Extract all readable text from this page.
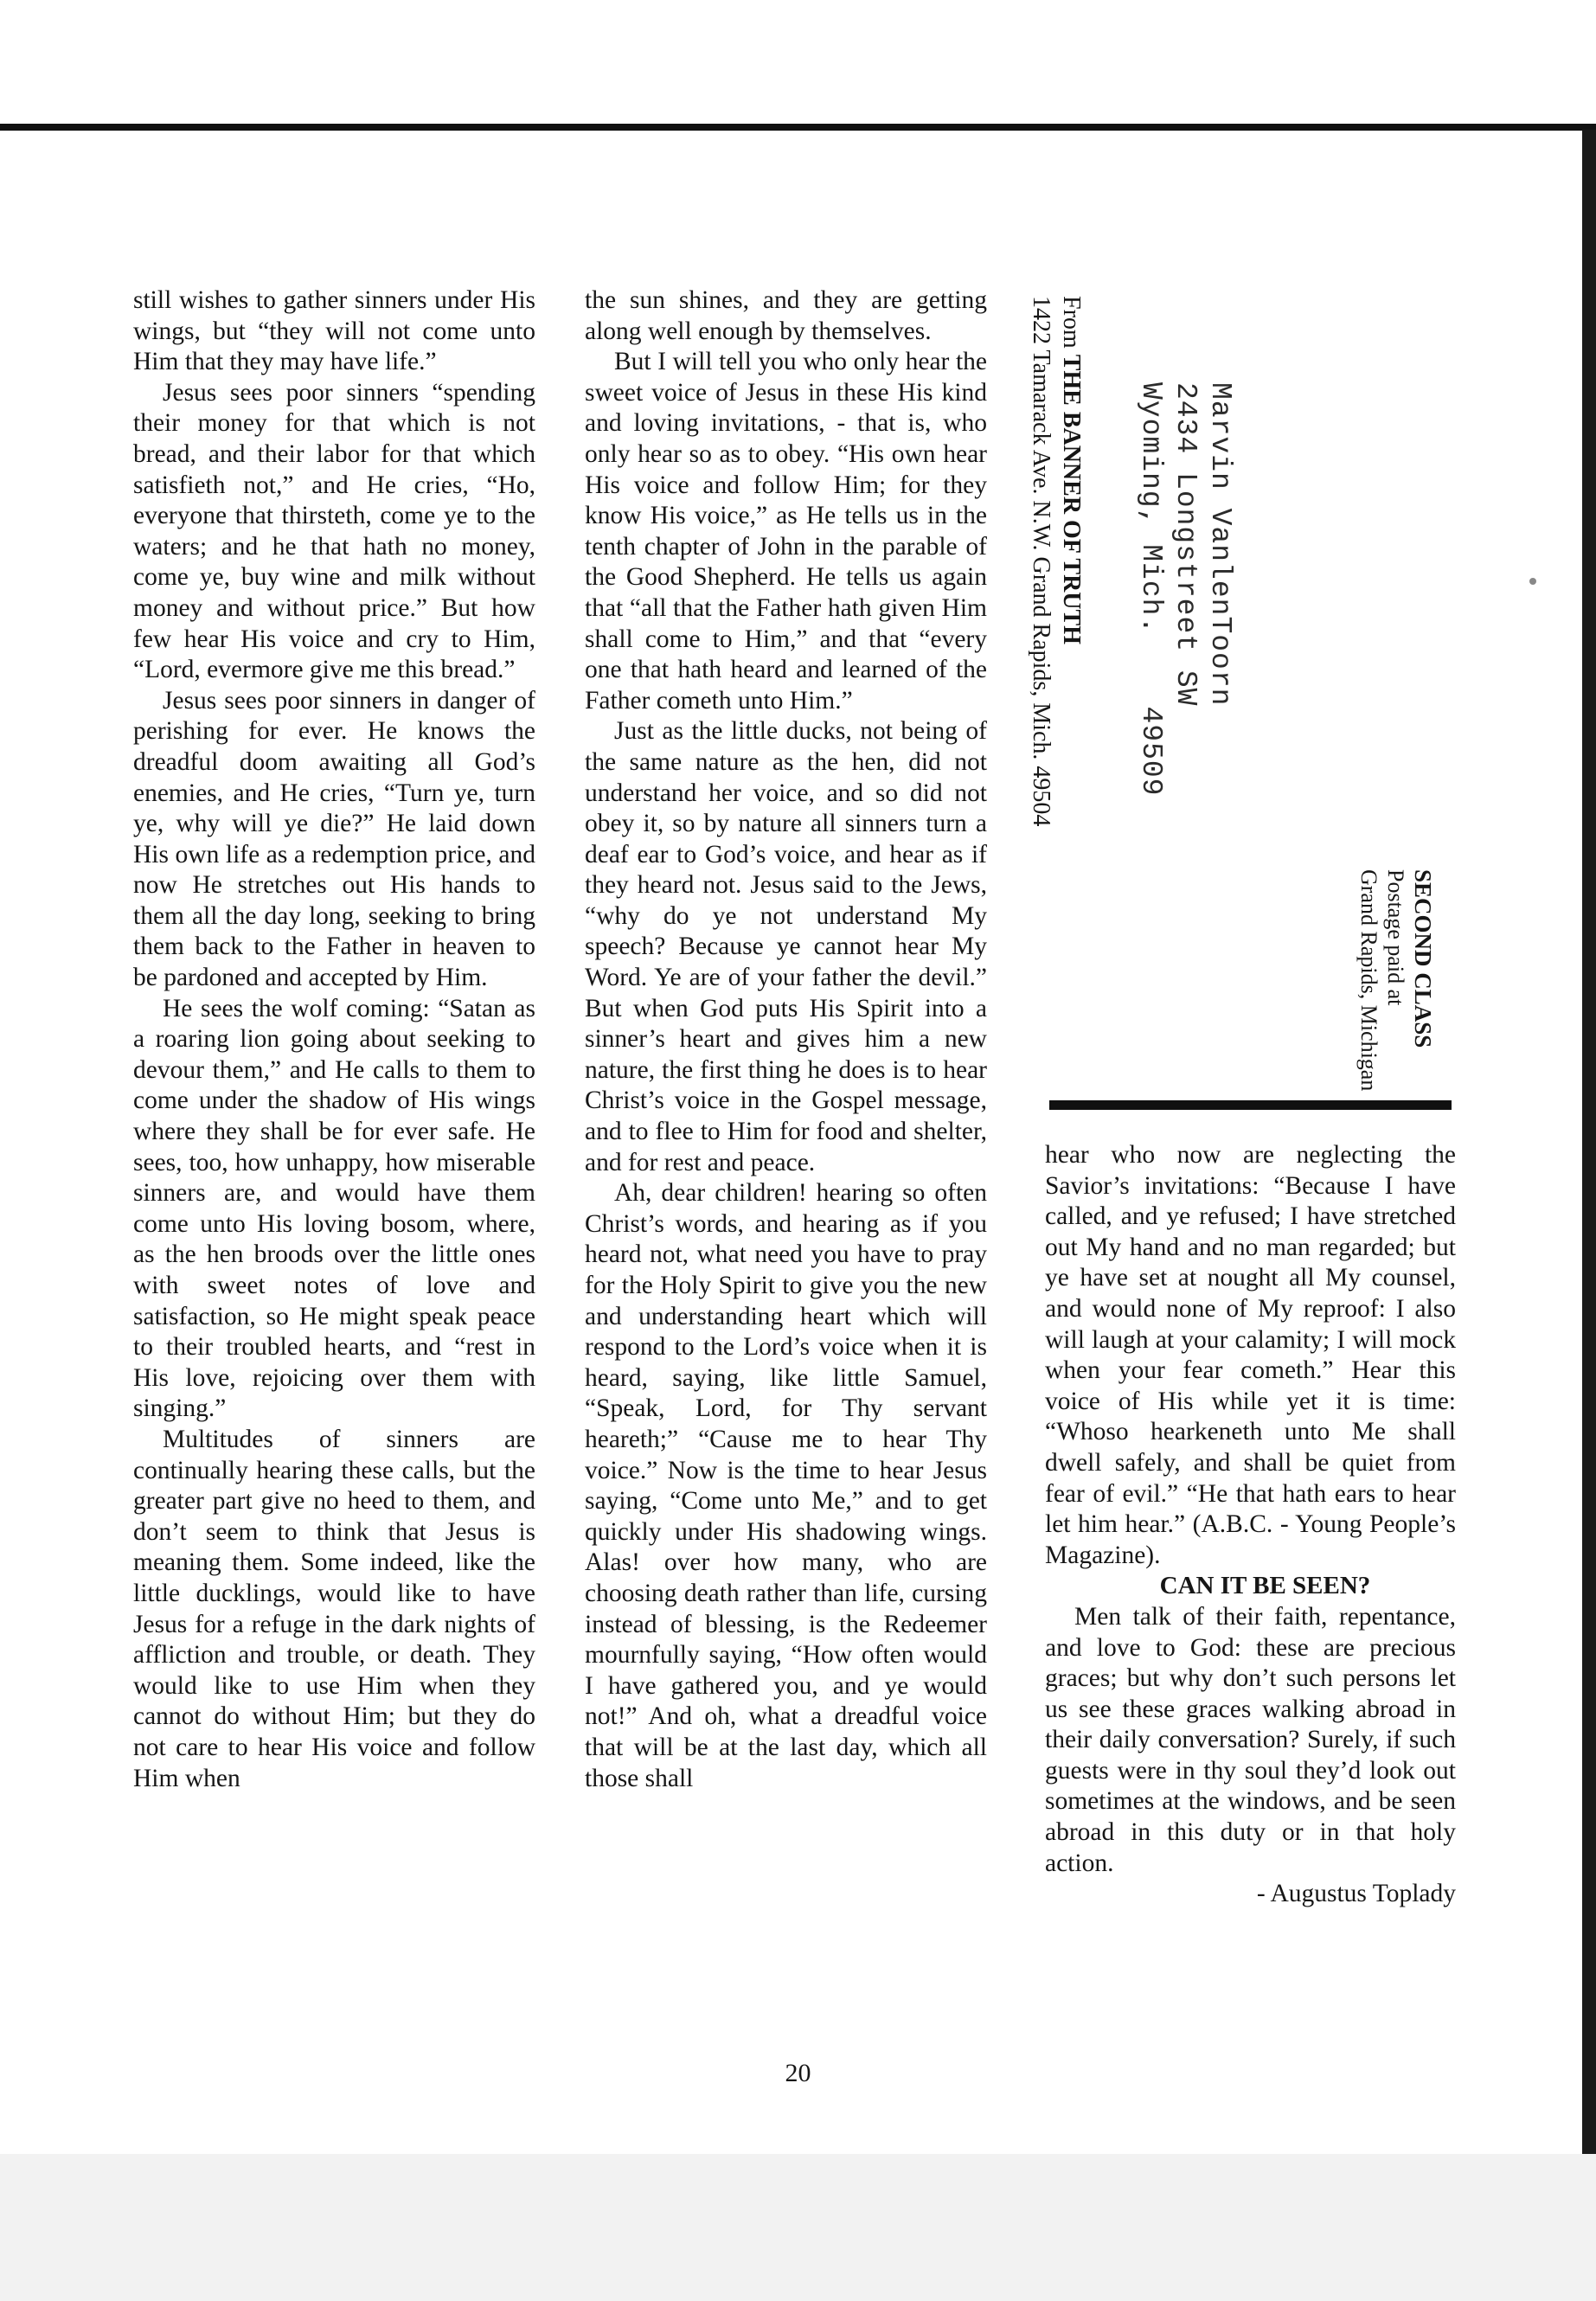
still wishes to gather sinners under His wings, but “they will not come unto Him that they may have life.”

Jesus sees poor sinners “spending their money for that which is not bread, and their labor for that which satisfieth not,” and He cries, “Ho, everyone that thirsteth, come ye to the waters; and he that hath no money, come ye, buy wine and milk without money and without price.” But how few hear His voice and cry to Him, “Lord, evermore give me this bread.”

Jesus sees poor sinners in danger of perishing for ever. He knows the dreadful doom awaiting all God’s enemies, and He cries, “Turn ye, turn ye, why will ye die?” He laid down His own life as a redemption price, and now He stretches out His hands to them all the day long, seeking to bring them back to the Father in heaven to be pardoned and accepted by Him.

He sees the wolf coming: “Satan as a roaring lion going about seeking to devour them,” and He calls to them to come under the shadow of His wings where they shall be for ever safe. He sees, too, how unhappy, how miserable sinners are, and would have them come unto His loving bosom, where, as the hen broods over the little ones with sweet notes of love and satisfaction, so He might speak peace to their troubled hearts, and “rest in His love, rejoicing over them with singing.”

Multitudes of sinners are continually hearing these calls, but the greater part give no heed to them, and don’t seem to think that Jesus is meaning them. Some indeed, like the little ducklings, would like to have Jesus for a refuge in the dark nights of affliction and trouble, or death. They would like to use Him when they cannot do without Him; but they do not care to hear His voice and follow Him when

the sun shines, and they are getting along well enough by themselves.

But I will tell you who only hear the sweet voice of Jesus in these His kind and loving invitations, - that is, who only hear so as to obey. “His own hear His voice and follow Him; for they know His voice,” as He tells us in the tenth chapter of John in the parable of the Good Shepherd. He tells us again that “all that the Father hath given Him shall come to Him,” and that “every one that hath heard and learned of the Father cometh unto Him.”

Just as the little ducks, not being of the same nature as the hen, did not understand her voice, and so did not obey it, so by nature all sinners turn a deaf ear to God’s voice, and hear as if they heard not. Jesus said to the Jews, “why do ye not understand My speech? Because ye cannot hear My Word. Ye are of your father the devil.” But when God puts His Spirit into a sinner’s heart and gives him a new nature, the first thing he does is to hear Christ’s voice in the Gospel message, and to flee to Him for food and shelter, and for rest and peace.

Ah, dear children! hearing so often Christ’s words, and hearing as if you heard not, what need you have to pray for the Holy Spirit to give you the new and understanding heart which will respond to the Lord’s voice when it is heard, saying, like little Samuel, “Speak, Lord, for Thy servant heareth;” “Cause me to hear Thy voice.” Now is the time to hear Jesus saying, “Come unto Me,” and to get quickly under His shadowing wings. Alas! over how many, who are choosing death rather than life, cursing instead of blessing, is the Redeemer mournfully saying, “How often would I have gathered you, and ye would not!” And oh, what a dreadful voice that will be at the last day, which all those shall

From THE BANNER OF TRUTH
1422 Tamarack Ave. N.W. Grand Rapids, Mich. 49504	Marvin VanlenToorn
2434 Longstreet SW
Wyoming, Mich.    49509
SECOND CLASS
Postage paid at
Grand Rapids, Michigan

hear who now are neglecting the Savior’s invitations: “Because I have called, and ye refused; I have stretched out My hand and no man regarded; but ye have set at nought all My counsel, and would none of My reproof: I also will laugh at your calamity; I will mock when your fear cometh.” Hear this voice of His while yet it is time: “Whoso hearkeneth unto Me shall dwell safely, and shall be quiet from fear of evil.” “He that hath ears to hear let him hear.” (A.B.C. - Young People’s Magazine).

CAN IT BE SEEN?

Men talk of their faith, repentance, and love to God: these are precious graces; but why don’t such persons let us see these graces walking abroad in their daily conversation? Surely, if such guests were in thy soul they’d look out sometimes at the windows, and be seen abroad in this duty or in that holy action.

- Augustus Toplady

20
